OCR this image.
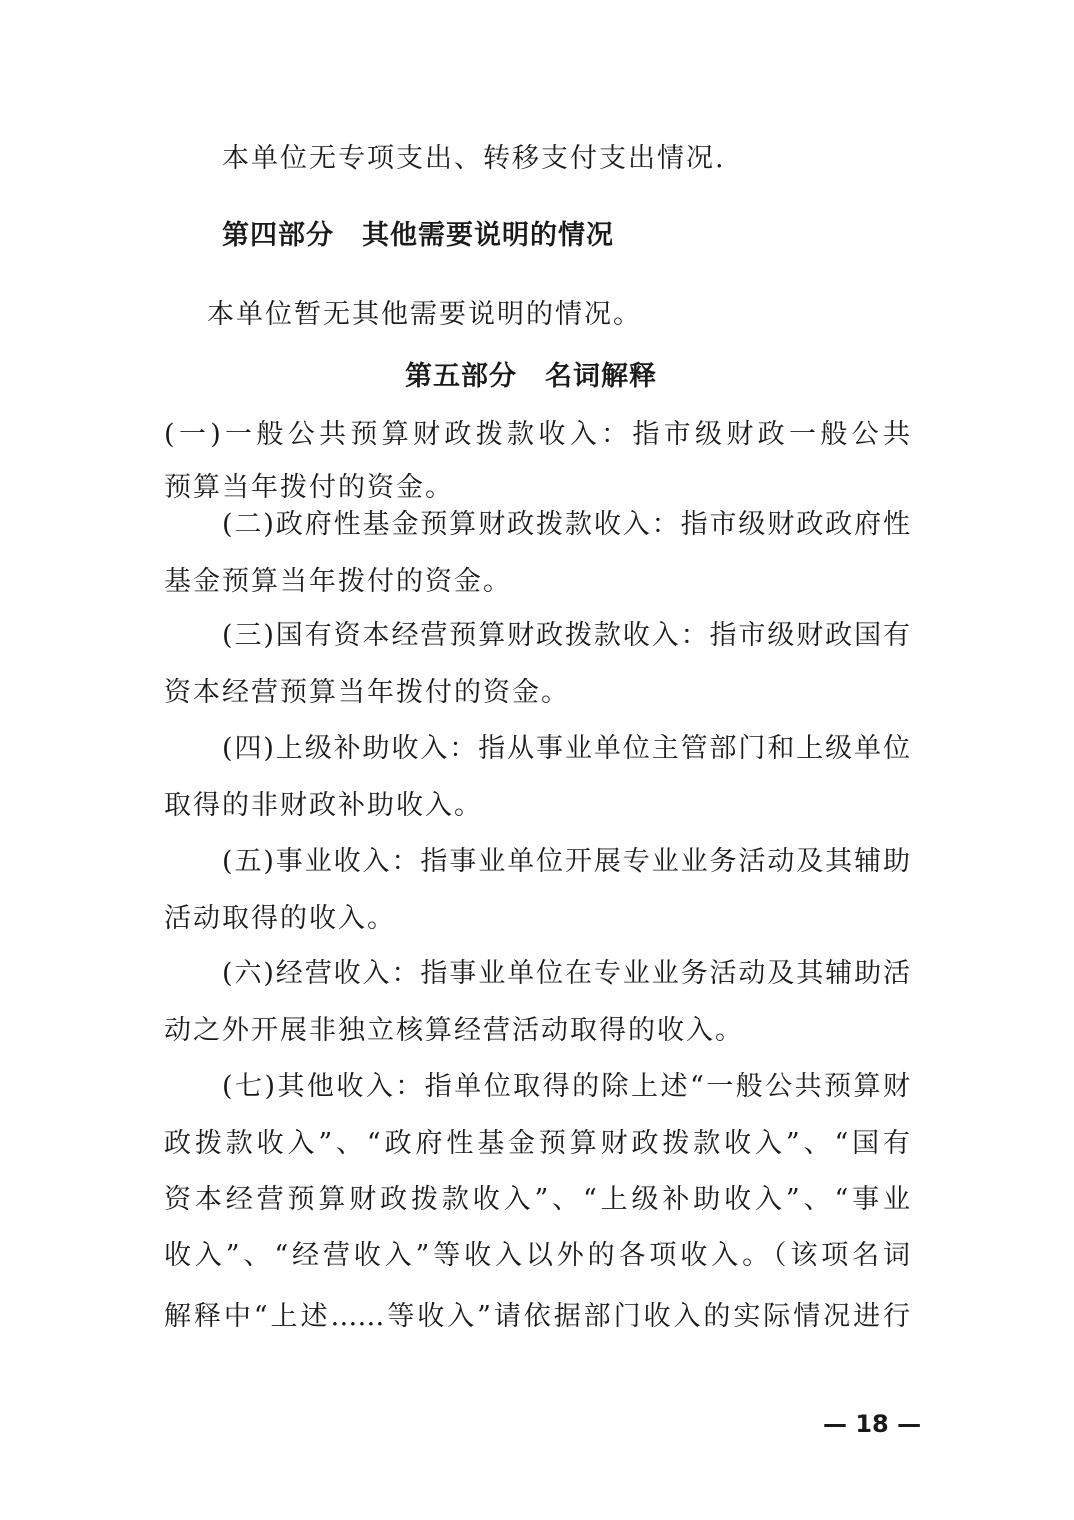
本单位无专项支出、转移支付支出情况.
第四部分　其他需要说明的情况
本单位暂无其他需要说明的情况。
第五部分　名词解释
(一)一般公共预算财政拨款收入：指市级财政一般公共
预算当年拨付的资金。
(二)政府性基金预算财政拨款收入：指市级财政政府性
基金预算当年拨付的资金。
(三)国有资本经营预算财政拨款收入：指市级财政国有
资本经营预算当年拨付的资金。
(四)上级补助收入：指从事业单位主管部门和上级单位
取得的非财政补助收入。
(五)事业收入：指事业单位开展专业业务活动及其辅助
活动取得的收入。
(六)经营收入：指事业单位在专业业务活动及其辅助活
动之外开展非独立核算经营活动取得的收入。
(七)其他收入：指单位取得的除上述“一般公共预算财
政拨款收入”、“政府性基金预算财政拨款收入”、“国有
资本经营预算财政拨款收入”、“上级补助收入”、“事业
收入”、“经营收入”等收入以外的各项收入。（该项名词
解释中“上述……等收入”请依据部门收入的实际情况进行
— 18 —
